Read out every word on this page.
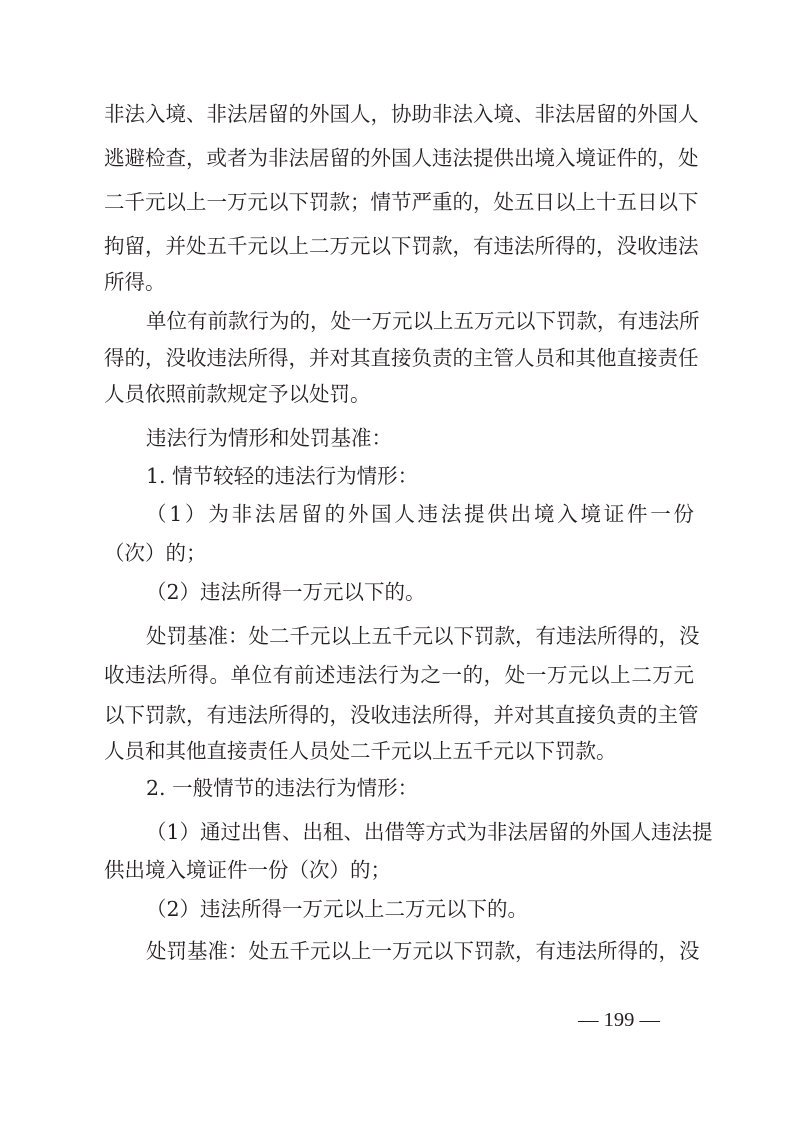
非法入境、非法居留的外国人，协助非法入境、非法居留的外国人
逃避检查，或者为非法居留的外国人违法提供出境入境证件的，处
二千元以上一万元以下罚款；情节严重的，处五日以上十五日以下
拘留，并处五千元以上二万元以下罚款，有违法所得的，没收违法
所得。
单位有前款行为的，处一万元以上五万元以下罚款，有违法所
得的，没收违法所得，并对其直接负责的主管人员和其他直接责任
人员依照前款规定予以处罚。
违法行为情形和处罚基准：
1. 情节较轻的违法行为情形：
（1）为非法居留的外国人违法提供出境入境证件一份
（次）的；
（2）违法所得一万元以下的。
处罚基准：处二千元以上五千元以下罚款，有违法所得的，没
收违法所得。单位有前述违法行为之一的，处一万元以上二万元
以下罚款，有违法所得的，没收违法所得，并对其直接负责的主管
人员和其他直接责任人员处二千元以上五千元以下罚款。
2. 一般情节的违法行为情形：
（1）通过出售、出租、出借等方式为非法居留的外国人违法提
供出境入境证件一份（次）的；
（2）违法所得一万元以上二万元以下的。
处罚基准：处五千元以上一万元以下罚款，有违法所得的，没
— 199 —
